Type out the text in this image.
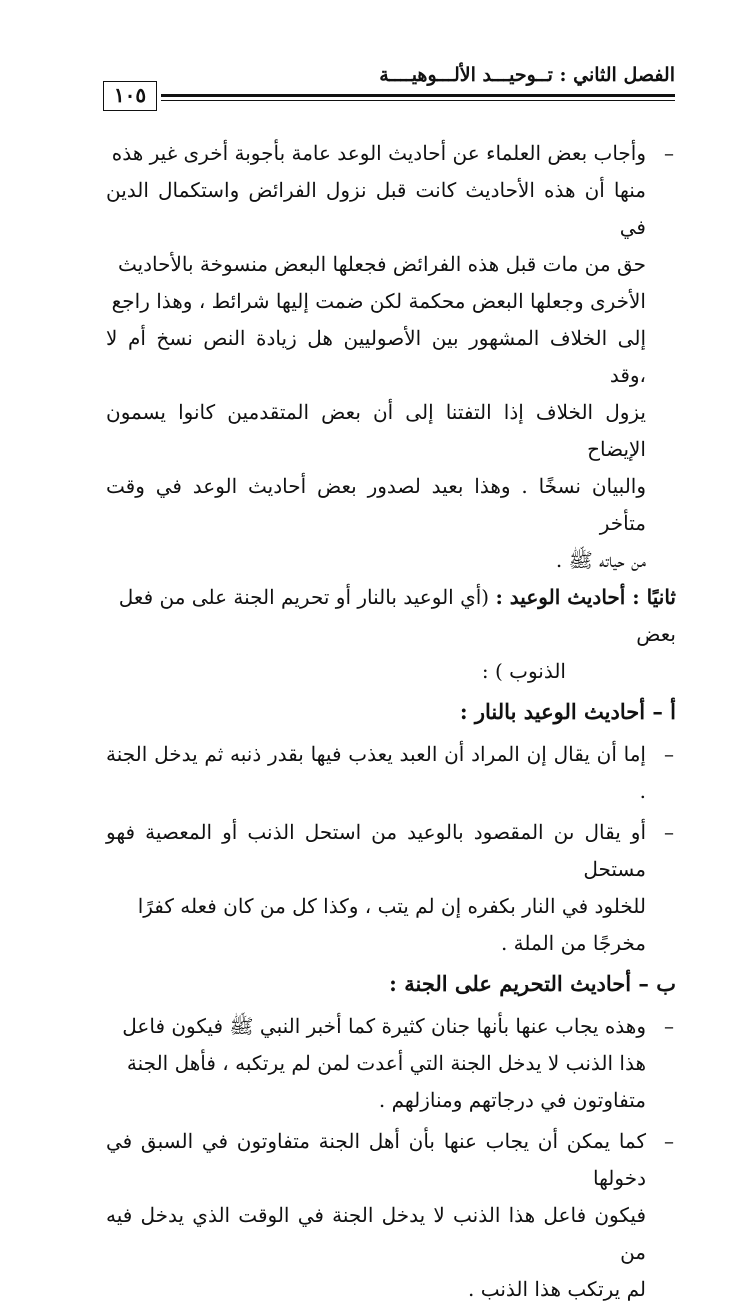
الفصل الثاني : تــوحيـــد الألـــوهيــــة
١٠٥
–

وأجاب بعض العلماء عن أحاديث الوعد عامة بأجوبة أخرى غير هذه

منها أن هذه الأحاديث كانت قبل نزول الفرائض واستكمال الدين في

حق من مات قبل هذه الفرائض فجعلها البعض منسوخة بالأحاديث

الأخرى وجعلها البعض محكمة لكن ضمت إليها شرائط ، وهذا راجع

إلى الخلاف المشهور بين الأصوليين هل زيادة النص نسخ أم لا ،وقد

يزول الخلاف إذا التفتنا إلى أن بعض المتقدمين كانوا يسمون الإيضاح

والبيان نسخًا . وهذا بعيد لصدور بعض أحاديث الوعد في وقت متأخر

من حياته ﷺ .

ثانيًا : أحاديث الوعيد : (أي الوعيد بالنار أو تحريم الجنة على من فعل بعض
الذنوب ) :
أ – أحاديث الوعيد بالنار :
–

إما أن يقال إن المراد أن العبد يعذب فيها بقدر ذنبه ثم يدخل الجنة .

–

أو يقال ىن المقصود بالوعيد من استحل الذنب أو المعصية فهو مستحل

للخلود في النار بكفره إن لم يتب ، وكذا كل من كان فعله كفرًا

مخرجًا من الملة .

ب – أحاديث التحريم على الجنة :
–

وهذه يجاب عنها بأنها جنان كثيرة كما أخبر النبي ﷺ فيكون فاعل

هذا الذنب لا يدخل الجنة التي أعدت لمن لم يرتكبه ، فأهل الجنة

متفاوتون في درجاتهم ومنازلهم .

–

كما يمكن أن يجاب عنها بأن أهل الجنة متفاوتون في السبق في دخولها

فيكون فاعل هذا الذنب لا يدخل الجنة في الوقت الذي يدخل فيه من

لم يرتكب هذا الذنب .
